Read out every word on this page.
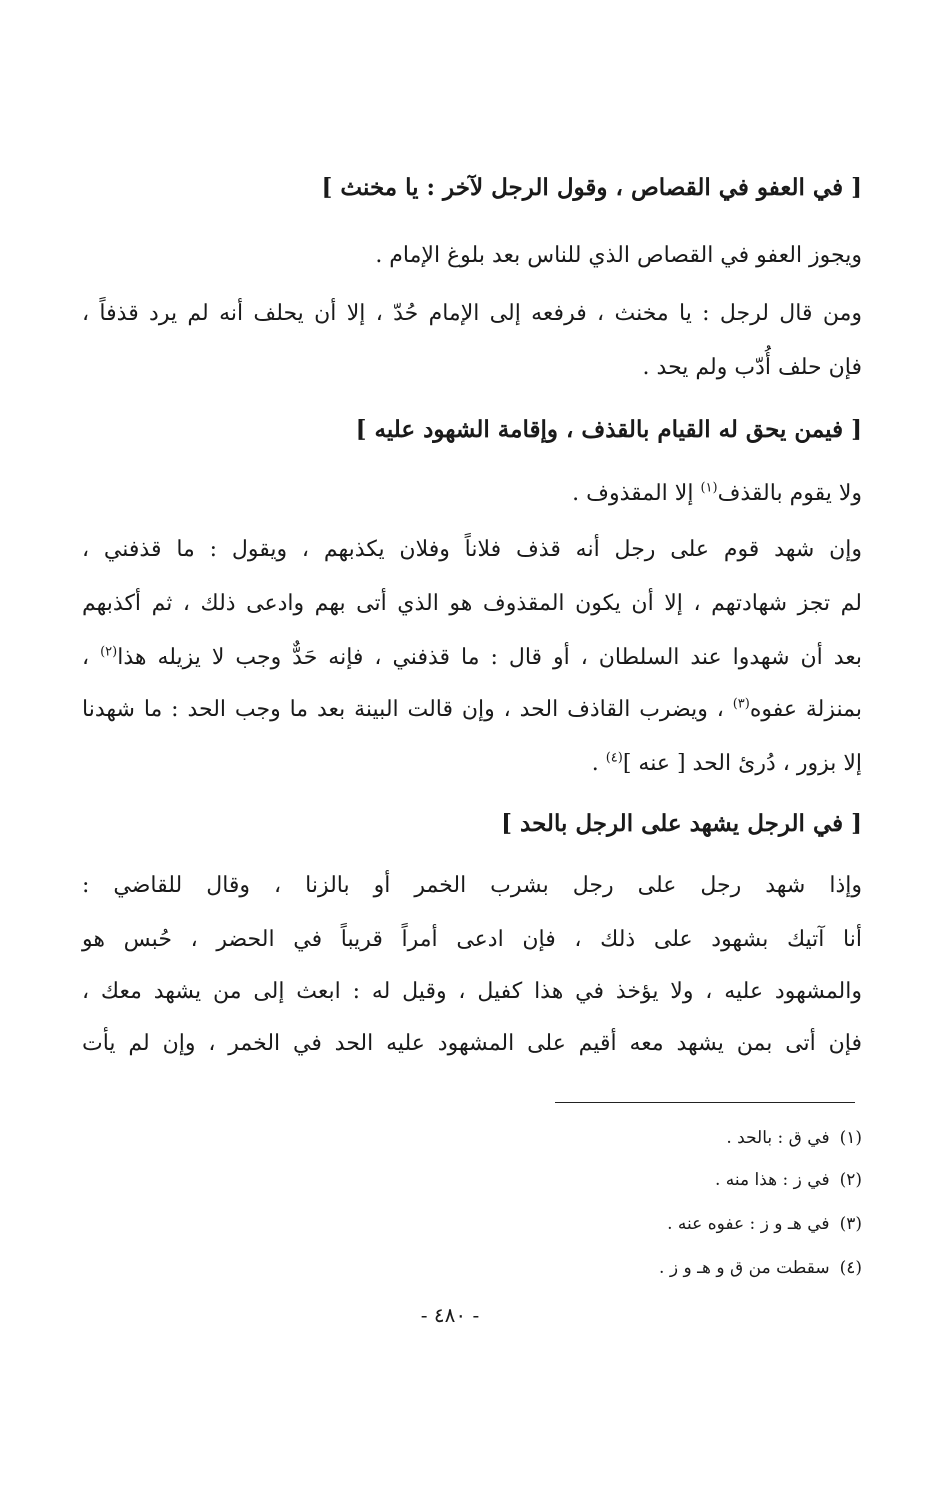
[ في العفو في القصاص ، وقول الرجل لآخر : يا مخنث ]
ويجوز العفو في القصاص الذي للناس بعد بلوغ الإمام .
ومن قال لرجل : يا مخنث ، فرفعه إلى الإمام حُدّ ، إلا أن يحلف أنه لم يرد قذفاً ،
فإن حلف أُدّب ولم يحد .
[ فيمن يحق له القيام بالقذف ، وإقامة الشهود عليه ]
ولا يقوم بالقذف$^{(١)}$ إلا المقذوف .
وإن شهد قوم على رجل أنه قذف فلاناً وفلان يكذبهم ، ويقول : ما قذفني ،
لم تجز شهادتهم ، إلا أن يكون المقذوف هو الذي أتى بهم وادعى ذلك ، ثم أكذبهم
بعد أن شهدوا عند السلطان ، أو قال : ما قذفني ، فإنه حَدٌّ وجب لا يزيله هذا$^{(٢)}$ ،
بمنزلة عفوه$^{(٣)}$ ، ويضرب القاذف الحد ، وإن قالت البينة بعد ما وجب الحد : ما شهدنا
إلا بزور ، دُرئ الحد [ عنه ]$^{(٤)}$ .
[ في الرجل يشهد على الرجل بالحد ]
وإذا شهد رجل على رجل بشرب الخمر أو بالزنا ، وقال للقاضي :
أنا آتيك بشهود على ذلك ، فإن ادعى أمراً قريباً في الحضر ، حُبس هو
والمشهود عليه ، ولا يؤخذ في هذا كفيل ، وقيل له : ابعث إلى من يشهد معك ،
فإن أتى بمن يشهد معه أقيم على المشهود عليه الحد في الخمر ، وإن لم يأت
(١)في ق : بالحد .
(٢)في ز : هذا منه .
(٣)في هـ و ز : عفوه عنه .
(٤)سقطت من ق و هـ و ز .
- ٤٨٠ -
